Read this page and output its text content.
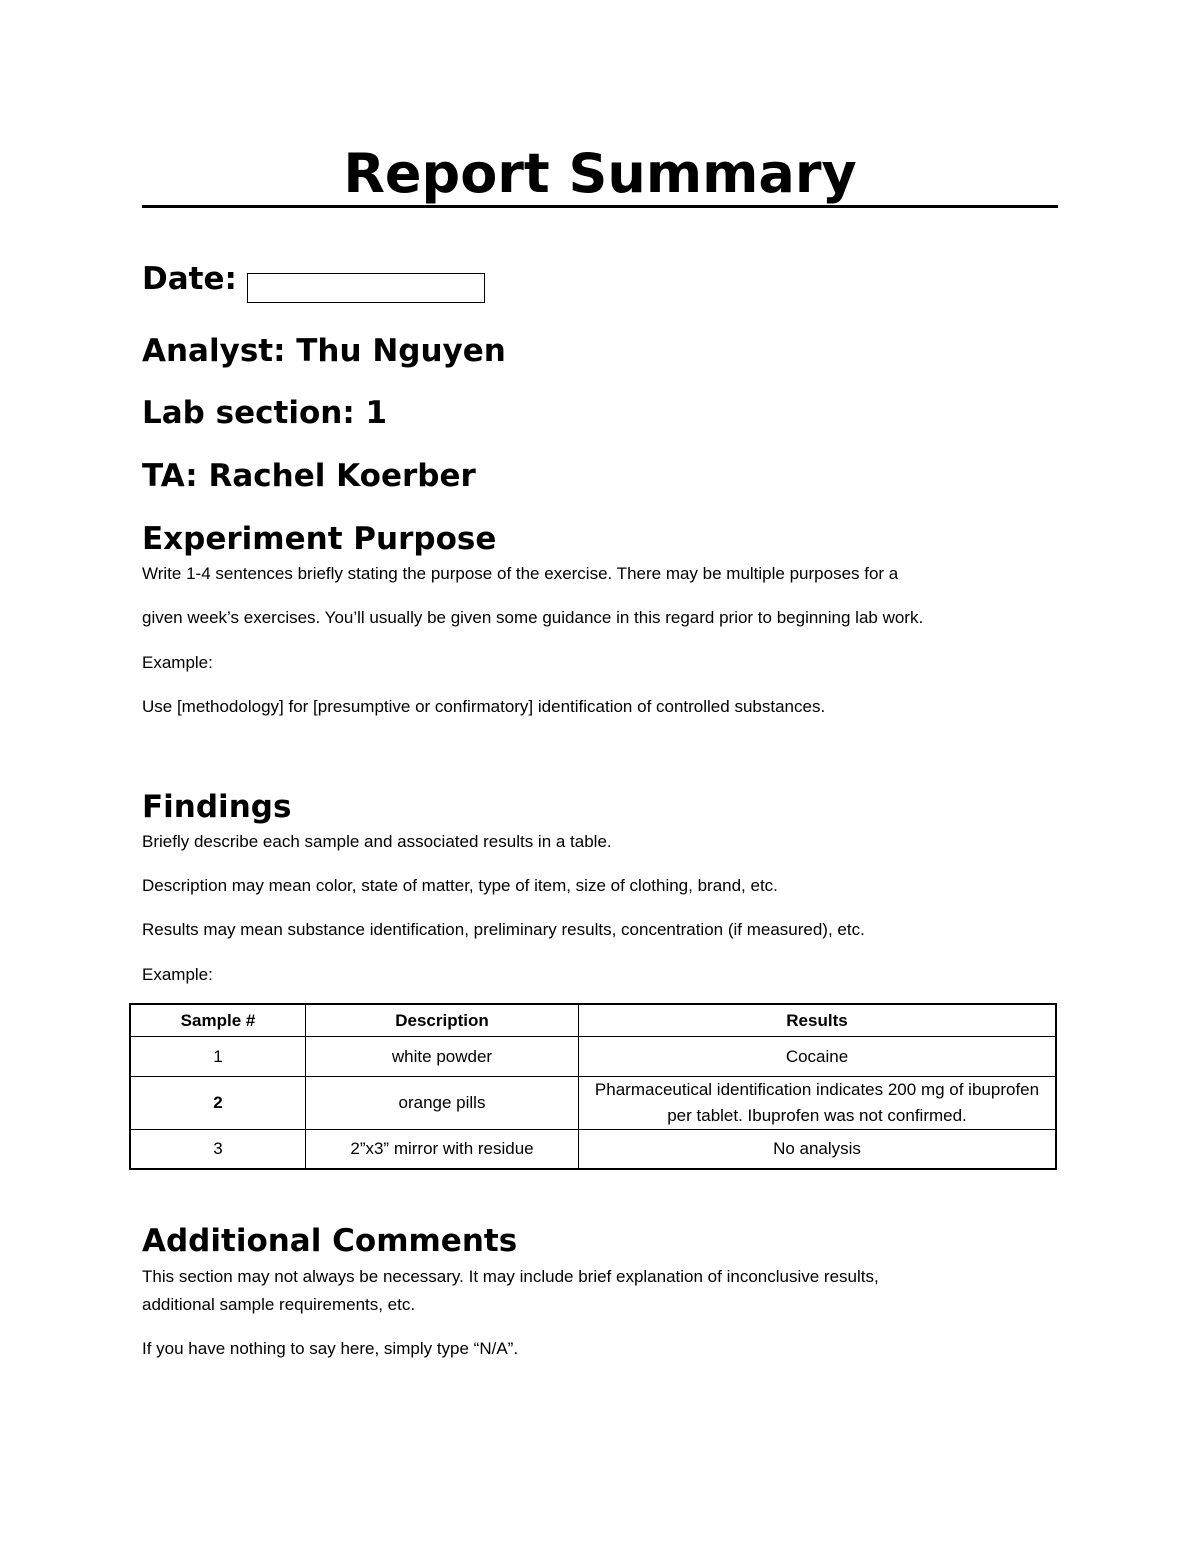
Report Summary
Date:
Analyst: Thu Nguyen
Lab section: 1
TA: Rachel Koerber
Experiment Purpose
Write 1-4 sentences briefly stating the purpose of the exercise. There may be multiple purposes for a
given week’s exercises. You’ll usually be given some guidance in this regard prior to beginning lab work.
Example:
Use [methodology] for [presumptive or confirmatory] identification of controlled substances.
Findings
Briefly describe each sample and associated results in a table.
Description may mean color, state of matter, type of item, size of clothing, brand, etc.
Results may mean substance identification, preliminary results, concentration (if measured), etc.
Example:
Sample #	Description	Results
1	white powder	Cocaine
2	orange pills	Pharmaceutical identification indicates 200 mg of ibuprofen per tablet. Ibuprofen was not confirmed.
3	2”x3” mirror with residue	No analysis
Additional Comments
This section may not always be necessary. It may include brief explanation of inconclusive results,
additional sample requirements, etc.
If you have nothing to say here, simply type “N/A”.
